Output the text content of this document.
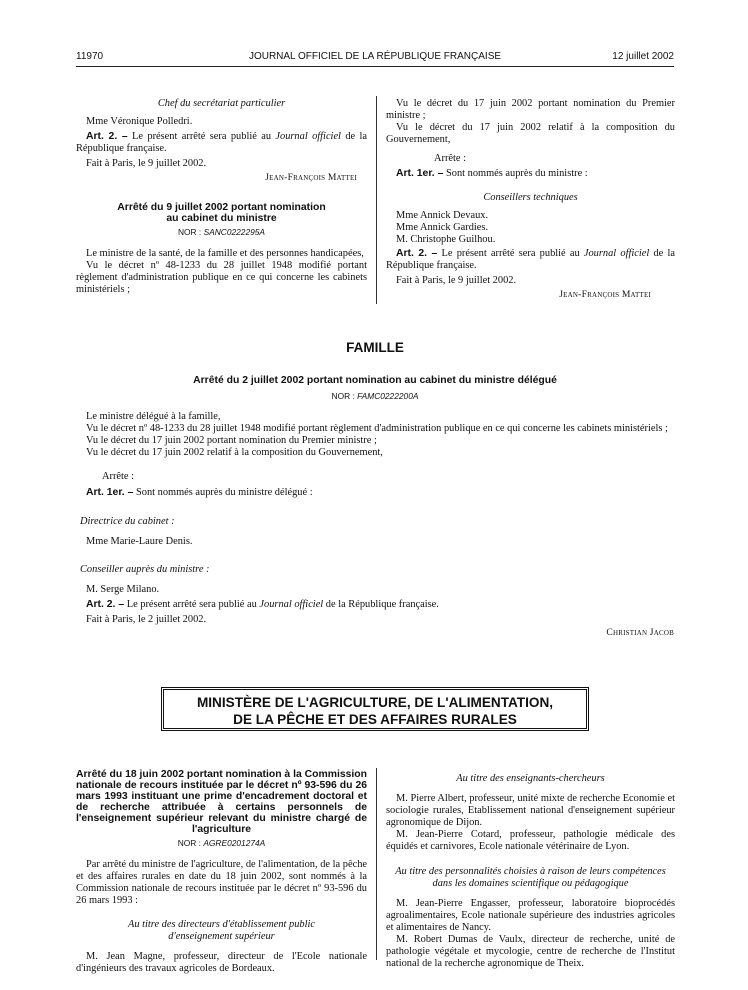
11970	JOURNAL OFFICIEL DE LA RÉPUBLIQUE FRANÇAISE	12 juillet 2002

Chef du secrétariat particulier

Mme Véronique Polledri.

Art. 2. – Le présent arrêté sera publié au Journal officiel de la République française.

Fait à Paris, le 9 juillet 2002.

Jean-François Mattei

Arrêté du 9 juillet 2002 portant nomination

au cabinet du ministre

NOR : SANC0222295A

Le ministre de la santé, de la famille et des personnes handicapées,

Vu le décret nº 48-1233 du 28 juillet 1948 modifié portant règlement d'administration publique en ce qui concerne les cabinets ministériels ;

Vu le décret du 17 juin 2002 portant nomination du Premier ministre ;

Vu le décret du 17 juin 2002 relatif à la composition du Gouvernement,

Arrête :

Art. 1er. – Sont nommés auprès du ministre :

Conseillers techniques

Mme Annick Devaux.

Mme Annick Gardies.

M. Christophe Guilhou.

Art. 2. – Le présent arrêté sera publié au Journal officiel de la République française.

Fait à Paris, le 9 juillet 2002.

Jean-François Mattei

FAMILLE
Arrêté du 2 juillet 2002 portant nomination au cabinet du ministre délégué
NOR : FAMC0222200A

Le ministre délégué à la famille,

Vu le décret nº 48-1233 du 28 juillet 1948 modifié portant règlement d'administration publique en ce qui concerne les cabinets ministériels ;

Vu le décret du 17 juin 2002 portant nomination du Premier ministre ;

Vu le décret du 17 juin 2002 relatif à la composition du Gouvernement,

Arrête :

Art. 1er. – Sont nommés auprès du ministre délégué :

Directrice du cabinet :

Mme Marie-Laure Denis.

Conseiller auprès du ministre :

M. Serge Milano.

Art. 2. – Le présent arrêté sera publié au Journal officiel de la République française.

Fait à Paris, le 2 juillet 2002.

Christian Jacob

MINISTÈRE DE L'AGRICULTURE, DE L'ALIMENTATION,
DE LA PÊCHE ET DES AFFAIRES RURALES

Arrêté du 18 juin 2002 portant nomination à la Commission nationale de recours instituée par le décret nº 93-596 du 26 mars 1993 instituant une prime d'encadrement doctoral et de recherche attribuée à certains personnels de l'enseignement supérieur relevant du ministre chargé de l'agriculture

NOR : AGRE0201274A

Par arrêté du ministre de l'agriculture, de l'alimentation, de la pêche et des affaires rurales en date du 18 juin 2002, sont nommés à la Commission nationale de recours instituée par le décret nº 93-596 du 26 mars 1993 :

Au titre des directeurs d'établissement public d'enseignement supérieur

M. Jean Magne, professeur, directeur de l'Ecole nationale d'ingénieurs des travaux agricoles de Bordeaux.

Au titre des enseignants-chercheurs

M. Pierre Albert, professeur, unité mixte de recherche Economie et sociologie rurales, Etablissement national d'enseignement supérieur agronomique de Dijon.

M. Jean-Pierre Cotard, professeur, pathologie médicale des équidés et carnivores, Ecole nationale vétérinaire de Lyon.

Au titre des personnalités choisies à raison de leurs compétences dans les domaines scientifique ou pédagogique

M. Jean-Pierre Engasser, professeur, laboratoire bioprocédés agroalimentaires, Ecole nationale supérieure des industries agricoles et alimentaires de Nancy.

M. Robert Dumas de Vaulx, directeur de recherche, unité de pathologie végétale et mycologie, centre de recherche de l'Institut national de la recherche agronomique de Theix.
